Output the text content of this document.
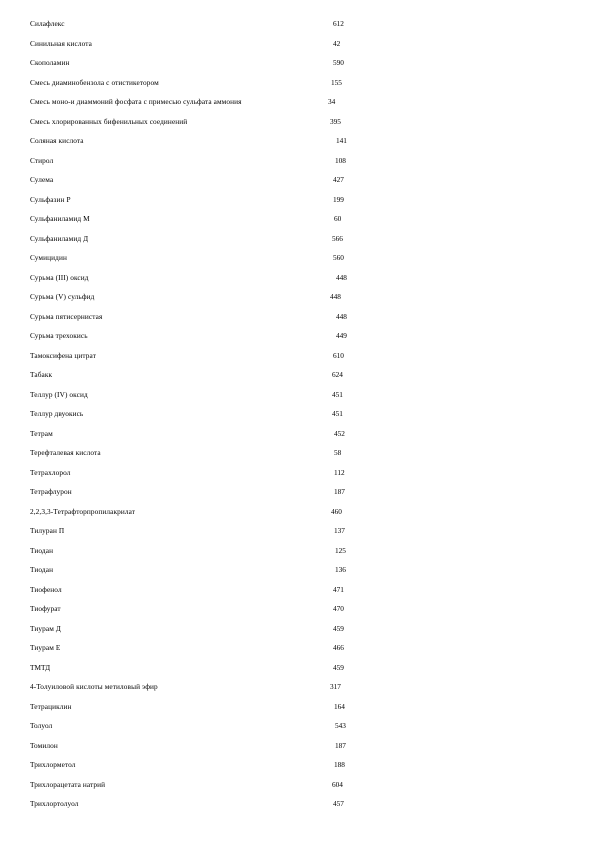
Силафлекс	612
Синильная кислота	42
Скополамин	590
Смесь диаминобензола с отистикетором	155
Смесь моно-и диаммоний фосфата с примесью сульфата аммония	34
Смесь хлорированных бифенильных соединений	395
Соляная кислота	141
Стирол	108
Сулема	427
Сульфазин Р	199
Сульфаниламид М	60
Сульфаниламид Д	566
Сумицидин	560
Сурьма (III) оксид	448
Сурьма (V) сульфид	448
Сурьма пятисернистая	448
Сурьма трехокись	449
Тамоксифена цитрат	610
Табакк	624
Теллур (IV) оксид	451
Теллур двуокись	451
Тетрам	452
Терефталевая кислота	58
Тетрахлорол	112
Тетрафлурон	187
2,2,3,3-Тетрафторпропилакрилат	460
Тилуран П	137
Тиодан	125
Тиодан	136
Тиофенол	471
Тиофурат	470
Тиурам Д	459
Тиурам Е	466
ТМТД	459
4-Толуиловой кислоты метиловый эфир	317
Тетрациклин	164
Толуол	543
Томилон	187
Трихлорметол	188
Трихлорацетата натрий	604
Трихлортолуол	457
